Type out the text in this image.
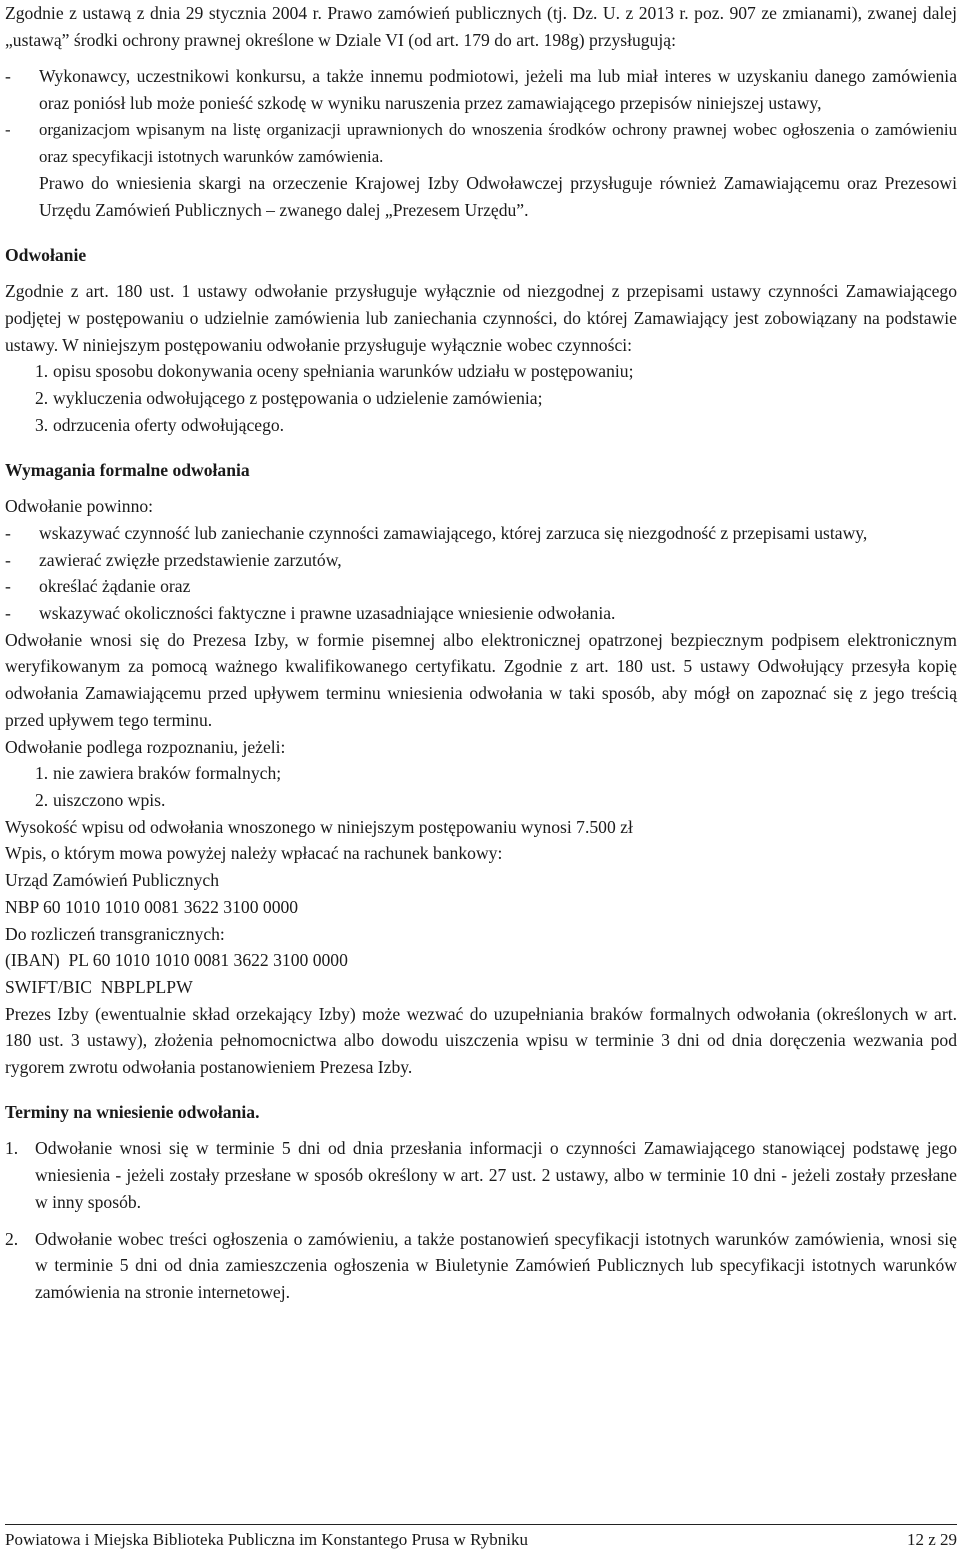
Zgodnie z ustawą z dnia 29 stycznia 2004 r. Prawo zamówień publicznych (tj. Dz. U. z 2013 r. poz. 907 ze zmianami), zwanej dalej „ustawą” środki ochrony prawnej określone w Dziale VI (od art. 179 do art. 198g) przysługują:

- Wykonawcy, uczestnikowi konkursu, a także innemu podmiotowi, jeżeli ma lub miał interes w uzyskaniu danego zamówienia oraz poniósł lub może ponieść szkodę w wyniku naruszenia przez zamawiającego przepisów niniejszej ustawy,
- organizacjom wpisanym na listę organizacji uprawnionych do wnoszenia środków ochrony prawnej wobec ogłoszenia o zamówieniu oraz specyfikacji istotnych warunków zamówienia.

Prawo do wniesienia skargi na orzeczenie Krajowej Izby Odwoławczej przysługuje również Zamawiającemu oraz Prezesowi Urzędu Zamówień Publicznych – zwanego dalej „Prezesem Urzędu”.

Odwołanie

Zgodnie z art. 180 ust. 1 ustawy odwołanie przysługuje wyłącznie od niezgodnej z przepisami ustawy czynności Zamawiającego podjętej w postępowaniu o udzielnie zamówienia lub zaniechania czynności, do której Zamawiający jest zobowiązany na podstawie ustawy. W niniejszym postępowaniu odwołanie przysługuje wyłącznie wobec czynności:

1. opisu sposobu dokonywania oceny spełniania warunków udziału w postępowaniu;
2. wykluczenia odwołującego z postępowania o udzielenie zamówienia;
3. odrzucenia oferty odwołującego.

Wymagania formalne odwołania

Odwołanie powinno:

- wskazywać czynność lub zaniechanie czynności zamawiającego, której zarzuca się niezgodność z przepisami ustawy,
- zawierać zwięzłe przedstawienie zarzutów,
- określać żądanie oraz
- wskazywać okoliczności faktyczne i prawne uzasadniające wniesienie odwołania.

Odwołanie wnosi się do Prezesa Izby, w formie pisemnej albo elektronicznej opatrzonej bezpiecznym podpisem elektronicznym weryfikowanym za pomocą ważnego kwalifikowanego certyfikatu. Zgodnie z art. 180 ust. 5 ustawy Odwołujący przesyła kopię odwołania Zamawiającemu przed upływem terminu wniesienia odwołania w taki sposób, aby mógł on zapoznać się z jego treścią przed upływem tego terminu.

Odwołanie podlega rozpoznaniu, jeżeli:

1. nie zawiera braków formalnych;
2. uiszczono wpis.

Wysokość wpisu od odwołania wnoszonego w niniejszym postępowaniu wynosi 7.500 zł

Wpis, o którym mowa powyżej należy wpłacać na rachunek bankowy:

Urząd Zamówień Publicznych

NBP 60 1010 1010 0081 3622 3100 0000

Do rozliczeń transgranicznych:

(IBAN)  PL 60 1010 1010 0081 3622 3100 0000

SWIFT/BIC  NBPLPLPW

Prezes Izby (ewentualnie skład orzekający Izby) może wezwać do uzupełniania braków formalnych odwołania (określonych w art. 180 ust. 3 ustawy), złożenia pełnomocnictwa albo dowodu uiszczenia wpisu w terminie 3 dni od dnia doręczenia wezwania pod rygorem zwrotu odwołania postanowieniem Prezesa Izby.

Terminy na wniesienie odwołania.

1. Odwołanie wnosi się w terminie 5 dni od dnia przesłania informacji o czynności Zamawiającego stanowiącej podstawę jego wniesienia - jeżeli zostały przesłane w sposób określony w art. 27 ust. 2 ustawy, albo w terminie 10 dni - jeżeli zostały przesłane w inny sposób.
2. Odwołanie wobec treści ogłoszenia o zamówieniu, a także postanowień specyfikacji istotnych warunków zamówienia, wnosi się w terminie 5 dni od dnia zamieszczenia ogłoszenia w Biuletynie Zamówień Publicznych lub specyfikacji istotnych warunków zamówienia na stronie internetowej.
Powiatowa i Miejska Biblioteka Publiczna im Konstantego Prusa w Rybniku	12 z 29
